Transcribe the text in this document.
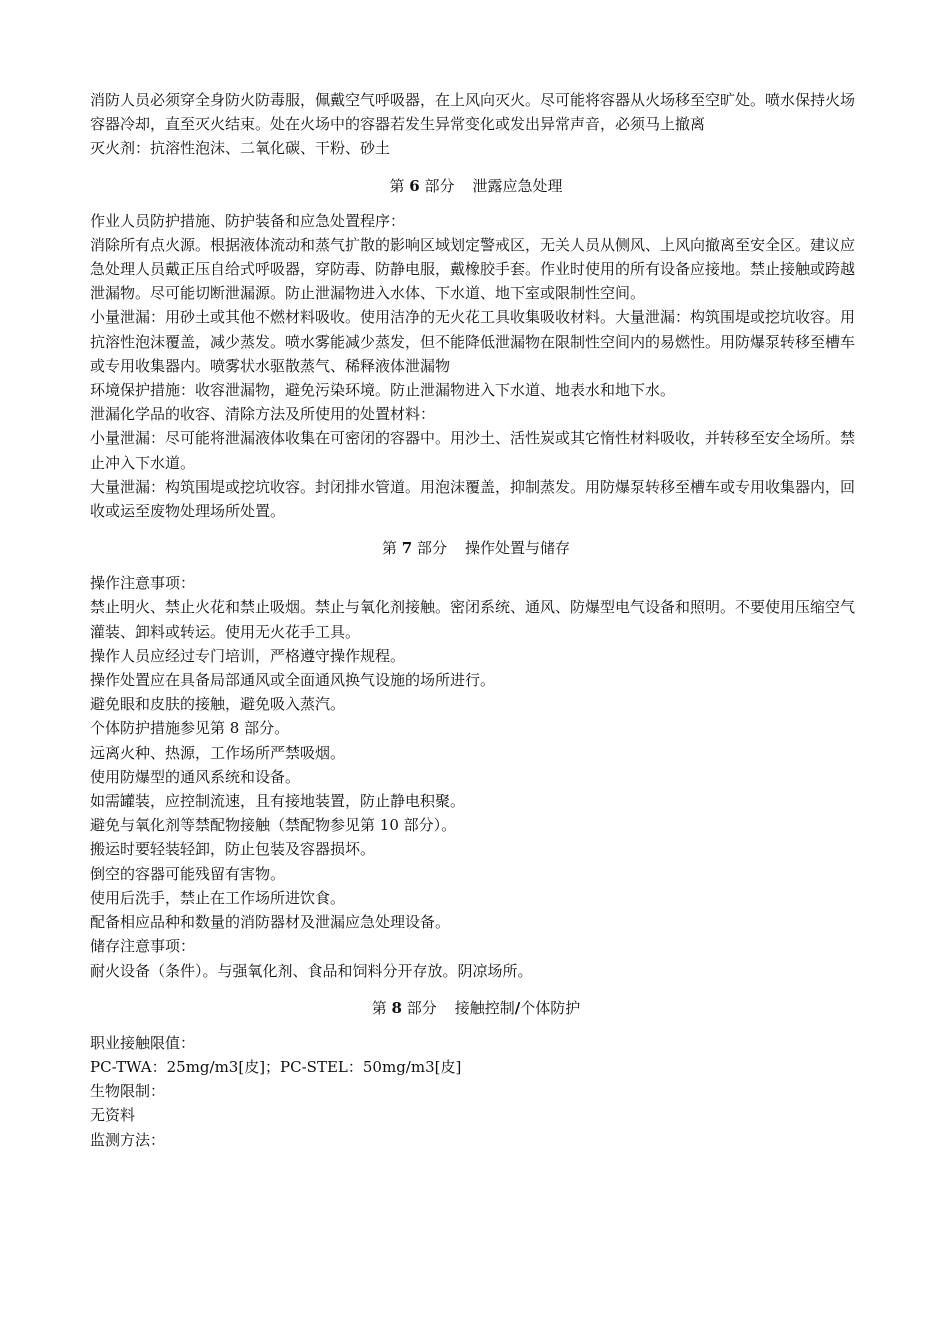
消防人员必须穿全身防火防毒服，佩戴空气呼吸器，在上风向灭火。尽可能将容器从火场移至空旷处。喷水保持火场容器冷却，直至灭火结束。处在火场中的容器若发生异常变化或发出异常声音，必须马上撤离

灭火剂：抗溶性泡沫、二氧化碳、干粉、砂土

第 6 部分 泄露应急处理

作业人员防护措施、防护装备和应急处置程序：

消除所有点火源。根据液体流动和蒸气扩散的影响区域划定警戒区，无关人员从侧风、上风向撤离至安全区。建议应急处理人员戴正压自给式呼吸器，穿防毒、防静电服，戴橡胶手套。作业时使用的所有设备应接地。禁止接触或跨越泄漏物。尽可能切断泄漏源。防止泄漏物进入水体、下水道、地下室或限制性空间。

小量泄漏：用砂土或其他不燃材料吸收。使用洁净的无火花工具收集吸收材料。大量泄漏：构筑围堤或挖坑收容。用抗溶性泡沫覆盖，减少蒸发。喷水雾能减少蒸发，但不能降低泄漏物在限制性空间内的易燃性。用防爆泵转移至槽车或专用收集器内。喷雾状水驱散蒸气、稀释液体泄漏物

环境保护措施：收容泄漏物，避免污染环境。防止泄漏物进入下水道、地表水和地下水。

泄漏化学品的收容、清除方法及所使用的处置材料：

小量泄漏：尽可能将泄漏液体收集在可密闭的容器中。用沙土、活性炭或其它惰性材料吸收，并转移至安全场所。禁止冲入下水道。

大量泄漏：构筑围堤或挖坑收容。封闭排水管道。用泡沫覆盖，抑制蒸发。用防爆泵转移至槽车或专用收集器内，回收或运至废物处理场所处置。

第 7 部分 操作处置与储存

操作注意事项：

禁止明火、禁止火花和禁止吸烟。禁止与氧化剂接触。密闭系统、通风、防爆型电气设备和照明。不要使用压缩空气灌装、卸料或转运。使用无火花手工具。

操作人员应经过专门培训，严格遵守操作规程。

操作处置应在具备局部通风或全面通风换气设施的场所进行。

避免眼和皮肤的接触，避免吸入蒸汽。

个体防护措施参见第 8 部分。

远离火种、热源，工作场所严禁吸烟。

使用防爆型的通风系统和设备。

如需罐装，应控制流速，且有接地装置，防止静电积聚。

避免与氧化剂等禁配物接触（禁配物参见第 10 部分）。

搬运时要轻装轻卸，防止包装及容器损坏。

倒空的容器可能残留有害物。

使用后洗手，禁止在工作场所进饮食。

配备相应品种和数量的消防器材及泄漏应急处理设备。

储存注意事项：

耐火设备（条件）。与强氧化剂、食品和饲料分开存放。阴凉场所。

第 8 部分 接触控制/个体防护

职业接触限值：

PC-TWA：25mg/m3[皮]；PC-STEL：50mg/m3[皮]

生物限制：

无资料

监测方法：
